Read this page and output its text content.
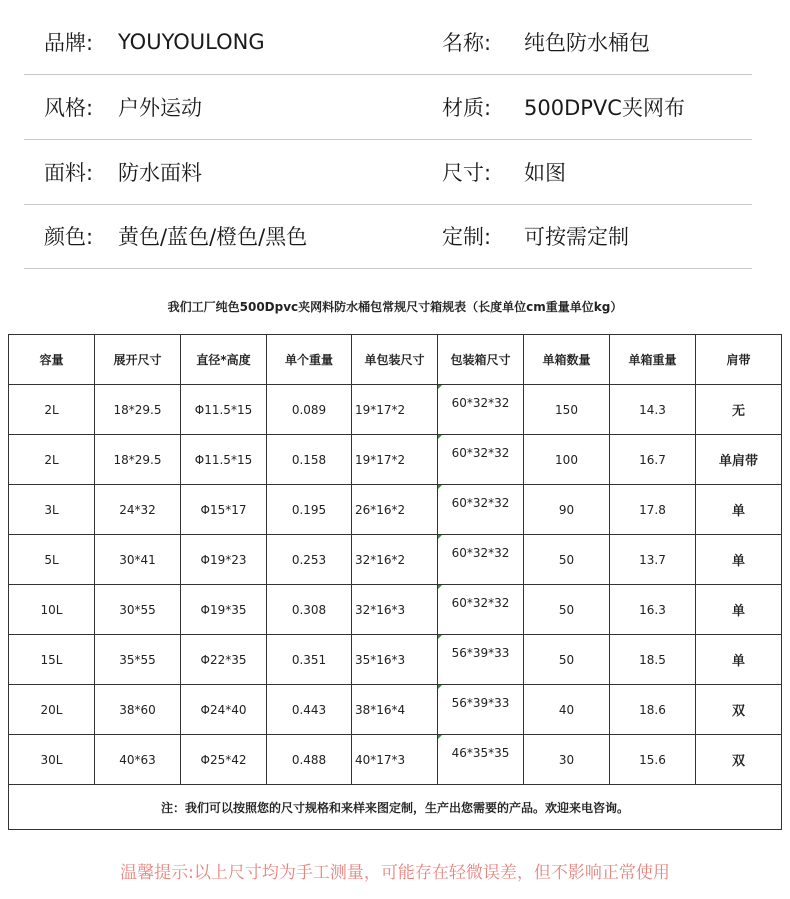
品牌: YOUYOULONG	名称: 纯色防水桶包
风格: 户外运动	材质: 500DPVC夹网布
面料: 防水面料	尺寸: 如图
颜色: 黄色/蓝色/橙色/黑色	定制: 可按需定制
我们工厂纯色500Dpvc夹网料防水桶包常规尺寸箱规表（长度单位cm重量单位kg）
容量	展开尺寸	直径*高度	单个重量	单包装尺寸	包装箱尺寸	单箱数量	单箱重量	肩带
2L	18*29.5	Φ11.5*15	0.089	19*17*2	60*32*32	150	14.3	无
2L	18*29.5	Φ11.5*15	0.158	19*17*2	60*32*32	100	16.7	单肩带
3L	24*32	Φ15*17	0.195	26*16*2	60*32*32	90	17.8	单
5L	30*41	Φ19*23	0.253	32*16*2	60*32*32	50	13.7	单
10L	30*55	Φ19*35	0.308	32*16*3	60*32*32	50	16.3	单
15L	35*55	Φ22*35	0.351	35*16*3	56*39*33	50	18.5	单
20L	38*60	Φ24*40	0.443	38*16*4	56*39*33	40	18.6	双
30L	40*63	Φ25*42	0.488	40*17*3	46*35*35	30	15.6	双
注：我们可以按照您的尺寸规格和来样来图定制，生产出您需要的产品。欢迎来电咨询。
温馨提示:以上尺寸均为手工测量，可能存在轻微误差，但不影响正常使用
